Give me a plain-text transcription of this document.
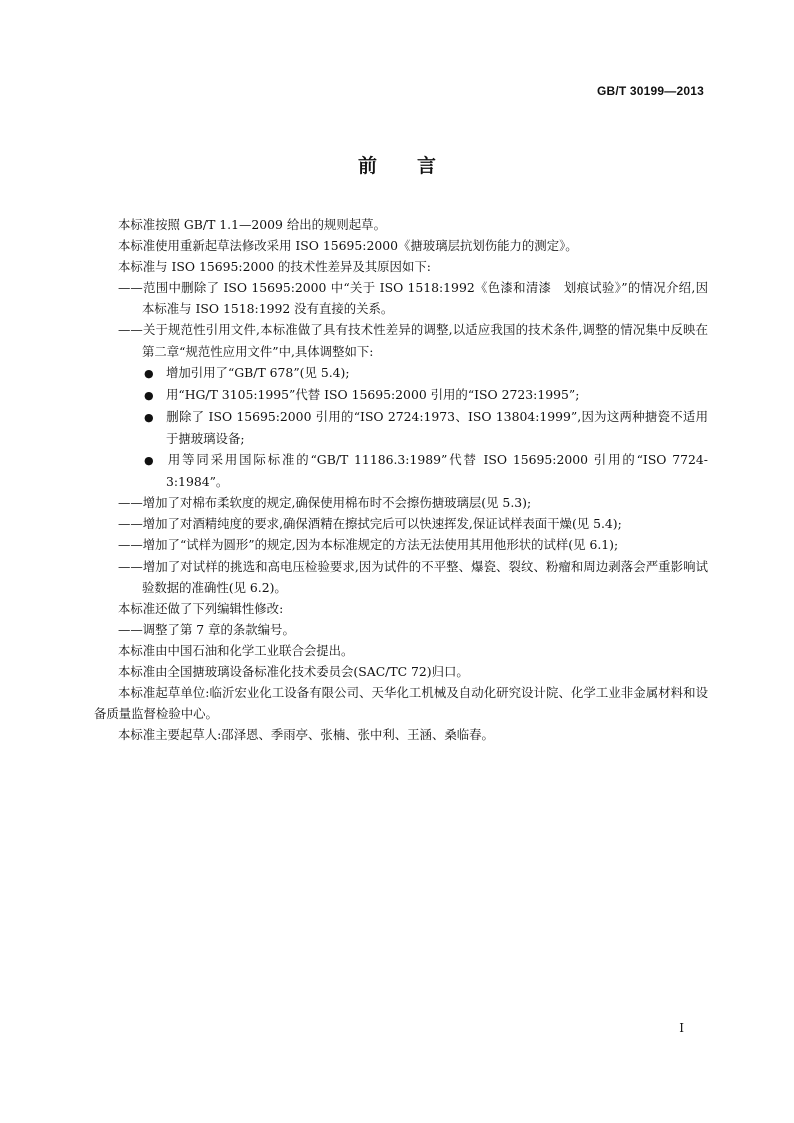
GB/T 30199—2013
前言

本标准按照 GB/T 1.1—2009 给出的规则起草。

本标准使用重新起草法修改采用 ISO 15695:2000《搪玻璃层抗划伤能力的测定》。

本标准与 ISO 15695:2000 的技术性差异及其原因如下:

——范围中删除了 ISO 15695:2000 中“关于 ISO 1518:1992《色漆和清漆　划痕试验》”的情况介绍,因本标准与 ISO 1518:1992 没有直接的关系。

——关于规范性引用文件,本标准做了具有技术性差异的调整,以适应我国的技术条件,调整的情况集中反映在第二章“规范性应用文件”中,具体调整如下:

● 增加引用了“GB/T 678”(见 5.4);

● 用“HG/T 3105:1995”代替 ISO 15695:2000 引用的“ISO 2723:1995”;

● 删除了 ISO 15695:2000 引用的“ISO 2724:1973、ISO 13804:1999”,因为这两种搪瓷不适用于搪玻璃设备;

● 用等同采用国际标准的“GB/T 11186.3:1989”代替 ISO 15695:2000 引用的“ISO 7724-3:1984”。

——增加了对棉布柔软度的规定,确保使用棉布时不会擦伤搪玻璃层(见 5.3);

——增加了对酒精纯度的要求,确保酒精在擦拭完后可以快速挥发,保证试样表面干燥(见 5.4);

——增加了“试样为圆形”的规定,因为本标准规定的方法无法使用其用他形状的试样(见 6.1);

——增加了对试样的挑选和高电压检验要求,因为试件的不平整、爆瓷、裂纹、粉瘤和周边剥落会严重影响试验数据的准确性(见 6.2)。

本标准还做了下列编辑性修改:

——调整了第 7 章的条款编号。

本标准由中国石油和化学工业联合会提出。

本标准由全国搪玻璃设备标准化技术委员会(SAC/TC 72)归口。

本标准起草单位:临沂宏业化工设备有限公司、天华化工机械及自动化研究设计院、化学工业非金属材料和设备质量监督检验中心。

本标准主要起草人:邵泽恩、季雨亭、张楠、张中利、王涵、桑临春。

I
